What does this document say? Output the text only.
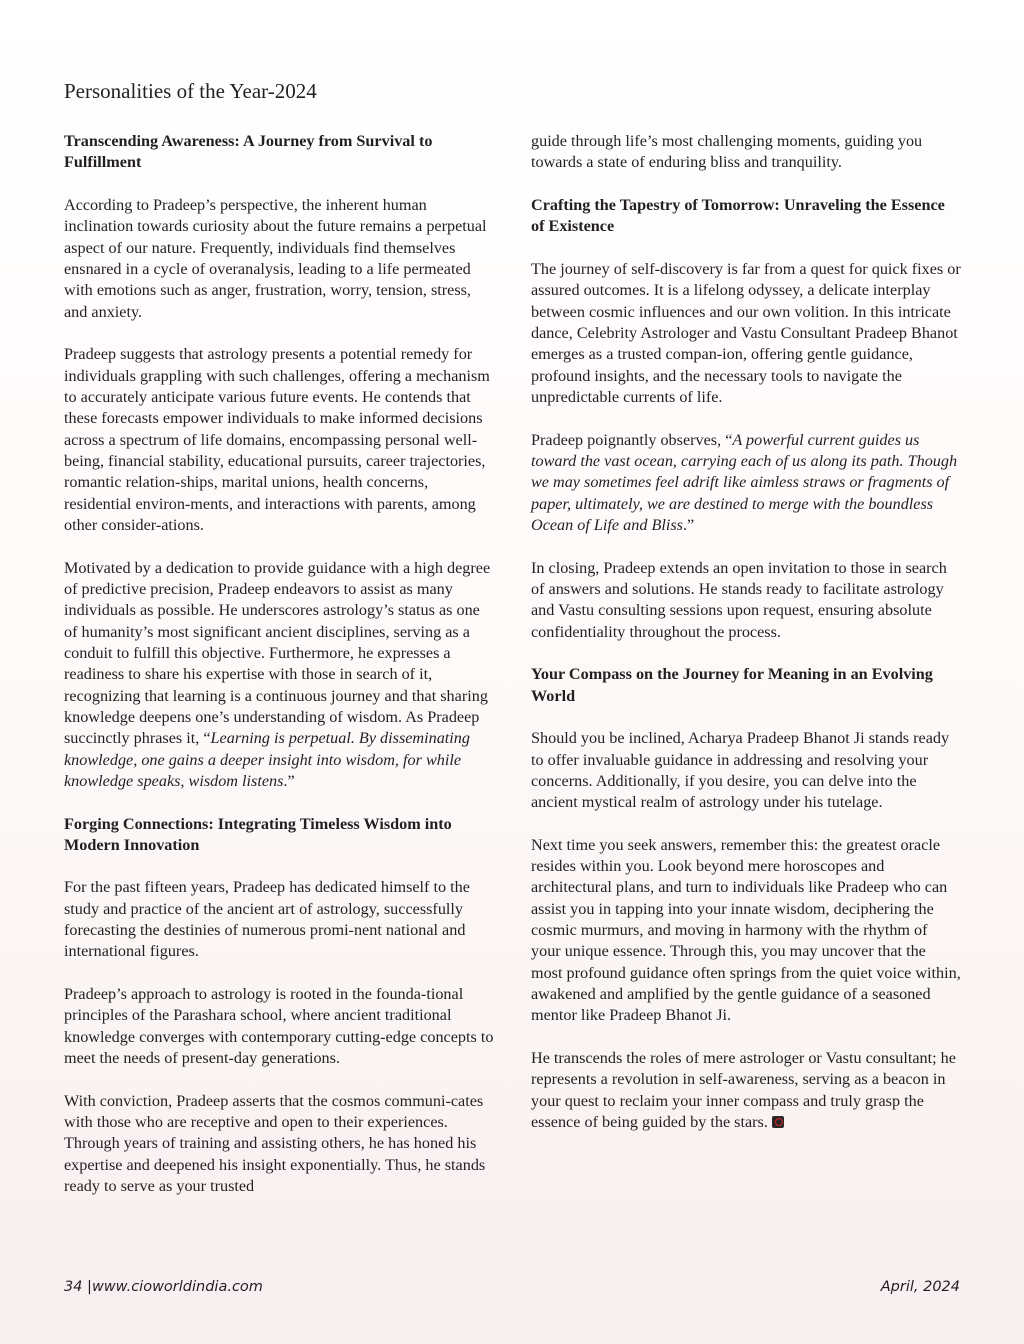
Personalities of the Year-2024
Transcending Awareness: A Journey from Survival to Fulfillment

According to Pradeep’s perspective, the inherent human inclination towards curiosity about the future remains a perpetual aspect of our nature. Frequently, individuals find themselves ensnared in a cycle of overanalysis, leading to a life permeated with emotions such as anger, frustration, worry, tension, stress, and anxiety.

Pradeep suggests that astrology presents a potential remedy for individuals grappling with such challenges, offering a mechanism to accurately anticipate various future events. He contends that these forecasts empower individuals to make informed decisions across a spectrum of life domains, encompassing personal well-being, financial stability, educational pursuits, career trajectories, romantic relation-ships, marital unions, health concerns, residential environ-ments, and interactions with parents, among other consider-ations.

Motivated by a dedication to provide guidance with a high degree of predictive precision, Pradeep endeavors to assist as many individuals as possible. He underscores astrology’s status as one of humanity’s most significant ancient disciplines, serving as a conduit to fulfill this objective. Furthermore, he expresses a readiness to share his expertise with those in search of it, recognizing that learning is a continuous journey and that sharing knowledge deepens one’s understanding of wisdom. As Pradeep succinctly phrases it, “Learning is perpetual. By disseminating knowledge, one gains a deeper insight into wisdom, for while knowledge speaks, wisdom listens.”

Forging Connections: Integrating Timeless Wisdom into Modern Innovation

For the past fifteen years, Pradeep has dedicated himself to the study and practice of the ancient art of astrology, successfully forecasting the destinies of numerous promi-nent national and international figures.

Pradeep’s approach to astrology is rooted in the founda-tional principles of the Parashara school, where ancient traditional knowledge converges with contemporary cutting-edge concepts to meet the needs of present-day generations.

With conviction, Pradeep asserts that the cosmos communi-cates with those who are receptive and open to their experiences. Through years of training and assisting others, he has honed his expertise and deepened his insight exponentially. Thus, he stands ready to serve as your trusted

guide through life’s most challenging moments, guiding you towards a state of enduring bliss and tranquility.

Crafting the Tapestry of Tomorrow: Unraveling the Essence of Existence

The journey of self-discovery is far from a quest for quick fixes or assured outcomes. It is a lifelong odyssey, a delicate interplay between cosmic influences and our own volition. In this intricate dance, Celebrity Astrologer and Vastu Consultant Pradeep Bhanot emerges as a trusted compan-ion, offering gentle guidance, profound insights, and the necessary tools to navigate the unpredictable currents of life.

Pradeep poignantly observes, “A powerful current guides us toward the vast ocean, carrying each of us along its path. Though we may sometimes feel adrift like aimless straws or fragments of paper, ultimately, we are destined to merge with the boundless Ocean of Life and Bliss.”

In closing, Pradeep extends an open invitation to those in search of answers and solutions. He stands ready to facilitate astrology and Vastu consulting sessions upon request, ensuring absolute confidentiality throughout the process.

Your Compass on the Journey for Meaning in an Evolving World

Should you be inclined, Acharya Pradeep Bhanot Ji stands ready to offer invaluable guidance in addressing and resolving your concerns. Additionally, if you desire, you can delve into the ancient mystical realm of astrology under his tutelage.

Next time you seek answers, remember this: the greatest oracle resides within you. Look beyond mere horoscopes and architectural plans, and turn to individuals like Pradeep who can assist you in tapping into your innate wisdom, deciphering the cosmic murmurs, and moving in harmony with the rhythm of your unique essence. Through this, you may uncover that the most profound guidance often springs from the quiet voice within, awakened and amplified by the gentle guidance of a seasoned mentor like Pradeep Bhanot Ji.

He transcends the roles of mere astrologer or Vastu consultant; he represents a revolution in self-awareness, serving as a beacon in your quest to reclaim your inner compass and truly grasp the essence of being guided by the stars.

34 |www.cioworldindia.com	April, 2024
